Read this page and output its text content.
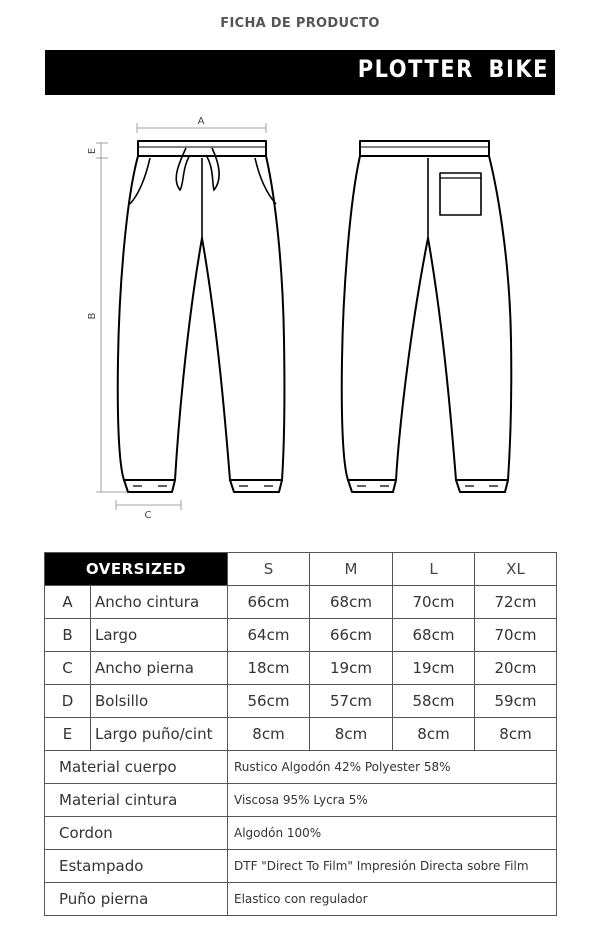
FICHA DE PRODUCTO
PLOTTER BIKE
A
E
B
C
OVERSIZED		S	M	L	XL
A	Ancho cintura	66cm	68cm	70cm	72cm
B	Largo	64cm	66cm	68cm	70cm
C	Ancho pierna	18cm	19cm	19cm	20cm
D	Bolsillo	56cm	57cm	58cm	59cm
E	Largo puño/cint	8cm	8cm	8cm	8cm
Material cuerpo		Rustico Algodón 42% Polyester 58%			
Material cintura		Viscosa 95% Lycra 5%			
Cordon		Algodón 100%			
Estampado		DTF "Direct To Film" Impresión Directa sobre Film			
Puño pierna		Elastico con regulador			
